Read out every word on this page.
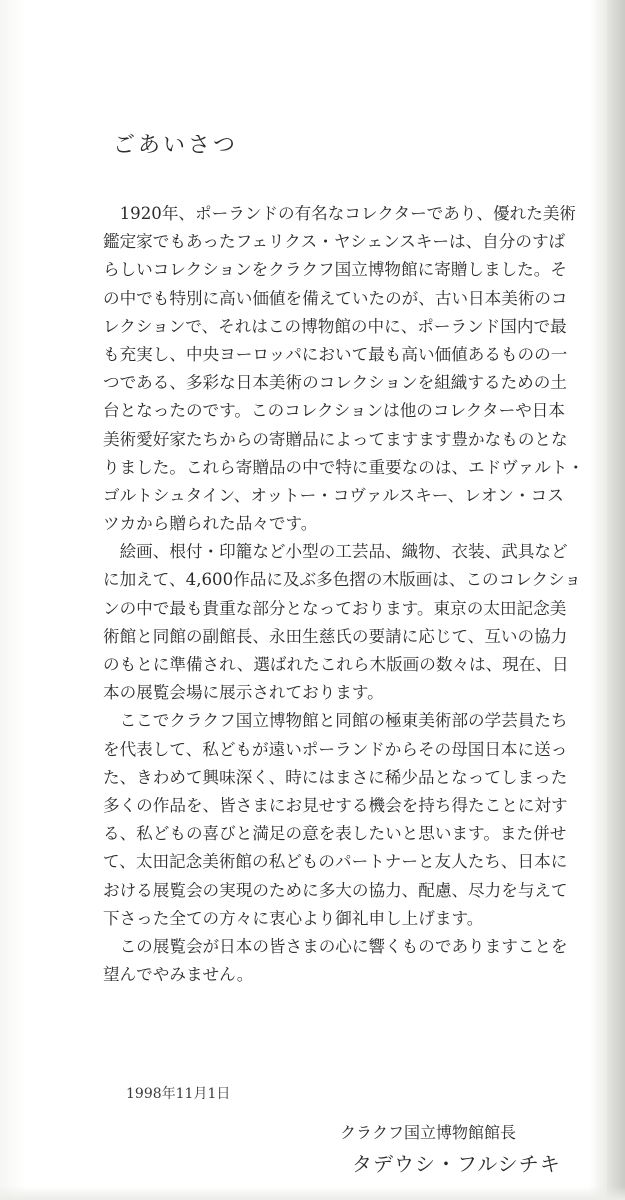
ごあいさつ
　1920年、ポーランドの有名なコレクターであり、優れた美術
鑑定家でもあったフェリクス・ヤシェンスキーは、自分のすば
らしいコレクションをクラクフ国立博物館に寄贈しました。そ
の中でも特別に高い価値を備えていたのが、古い日本美術のコ
レクションで、それはこの博物館の中に、ポーランド国内で最
も充実し、中央ヨーロッパにおいて最も高い価値あるものの一
つである、多彩な日本美術のコレクションを組織するための土
台となったのです。このコレクションは他のコレクターや日本
美術愛好家たちからの寄贈品によってますます豊かなものとな
りました。これら寄贈品の中で特に重要なのは、エドヴァルト・
ゴルトシュタイン、オットー・コヴァルスキー、レオン・コス
ツカから贈られた品々です。
　絵画、根付・印籠など小型の工芸品、織物、衣装、武具など
に加えて、4,600作品に及ぶ多色摺の木版画は、このコレクショ
ンの中で最も貴重な部分となっております。東京の太田記念美
術館と同館の副館長、永田生慈氏の要請に応じて、互いの協力
のもとに準備され、選ばれたこれら木版画の数々は、現在、日
本の展覧会場に展示されております。
　ここでクラクフ国立博物館と同館の極東美術部の学芸員たち
を代表して、私どもが遠いポーランドからその母国日本に送っ
た、きわめて興味深く、時にはまさに稀少品となってしまった
多くの作品を、皆さまにお見せする機会を持ち得たことに対す
る、私どもの喜びと満足の意を表したいと思います。また併せ
て、太田記念美術館の私どものパートナーと友人たち、日本に
おける展覧会の実現のために多大の協力、配慮、尽力を与えて
下さった全ての方々に衷心より御礼申し上げます。
　この展覧会が日本の皆さまの心に響くものでありますことを
望んでやみません。
1998年11月1日
クラクフ国立博物館館長
タデウシ・フルシチキ
